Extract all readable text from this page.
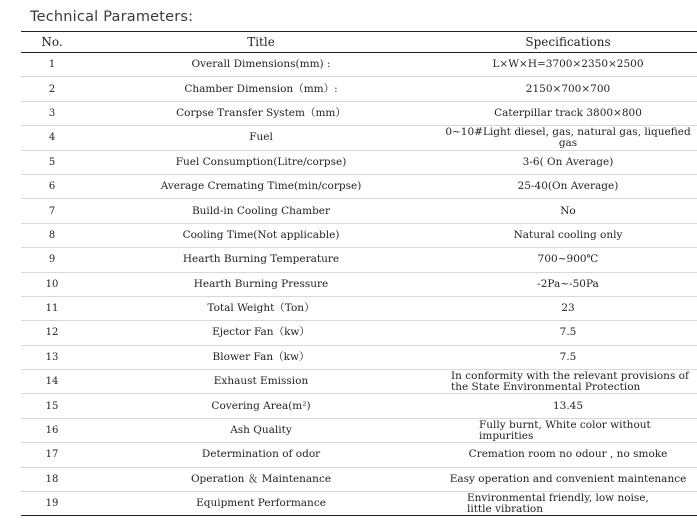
Technical Parameters:
No.	Title	Specifications
1	Overall Dimensions(mm) :	L×W×H=3700×2350×2500
2	Chamber Dimension（mm）:	2150×700×700
3	Corpse Transfer System（mm）	Caterpillar track 3800×800
4	Fuel	0~10#Light diesel, gas, natural gas, liquefied gas
5	Fuel Consumption(Litre/corpse)	3-6( On Average)
6	Average Cremating Time(min/corpse)	25-40(On Average)
7	Build-in Cooling Chamber	No
8	Cooling Time(Not applicable)	Natural cooling only
9	Hearth Burning Temperature	700~900℃
10	Hearth Burning Pressure	-2Pa~-50Pa
11	Total Weight（Ton）	23
12	Ejector Fan（kw）	7.5
13	Blower Fan（kw）	7.5
14	Exhaust Emission	In conformity with the relevant provisions of the State Environmental Protection
15	Covering Area(m²)	13.45
16	Ash Quality	Fully burnt, White color without impurities
17	Determination of odor	Cremation room no odour , no smoke
18	Operation ＆ Maintenance	Easy operation and convenient maintenance
19	Equipment Performance	Environmental friendly, low noise, little vibration
